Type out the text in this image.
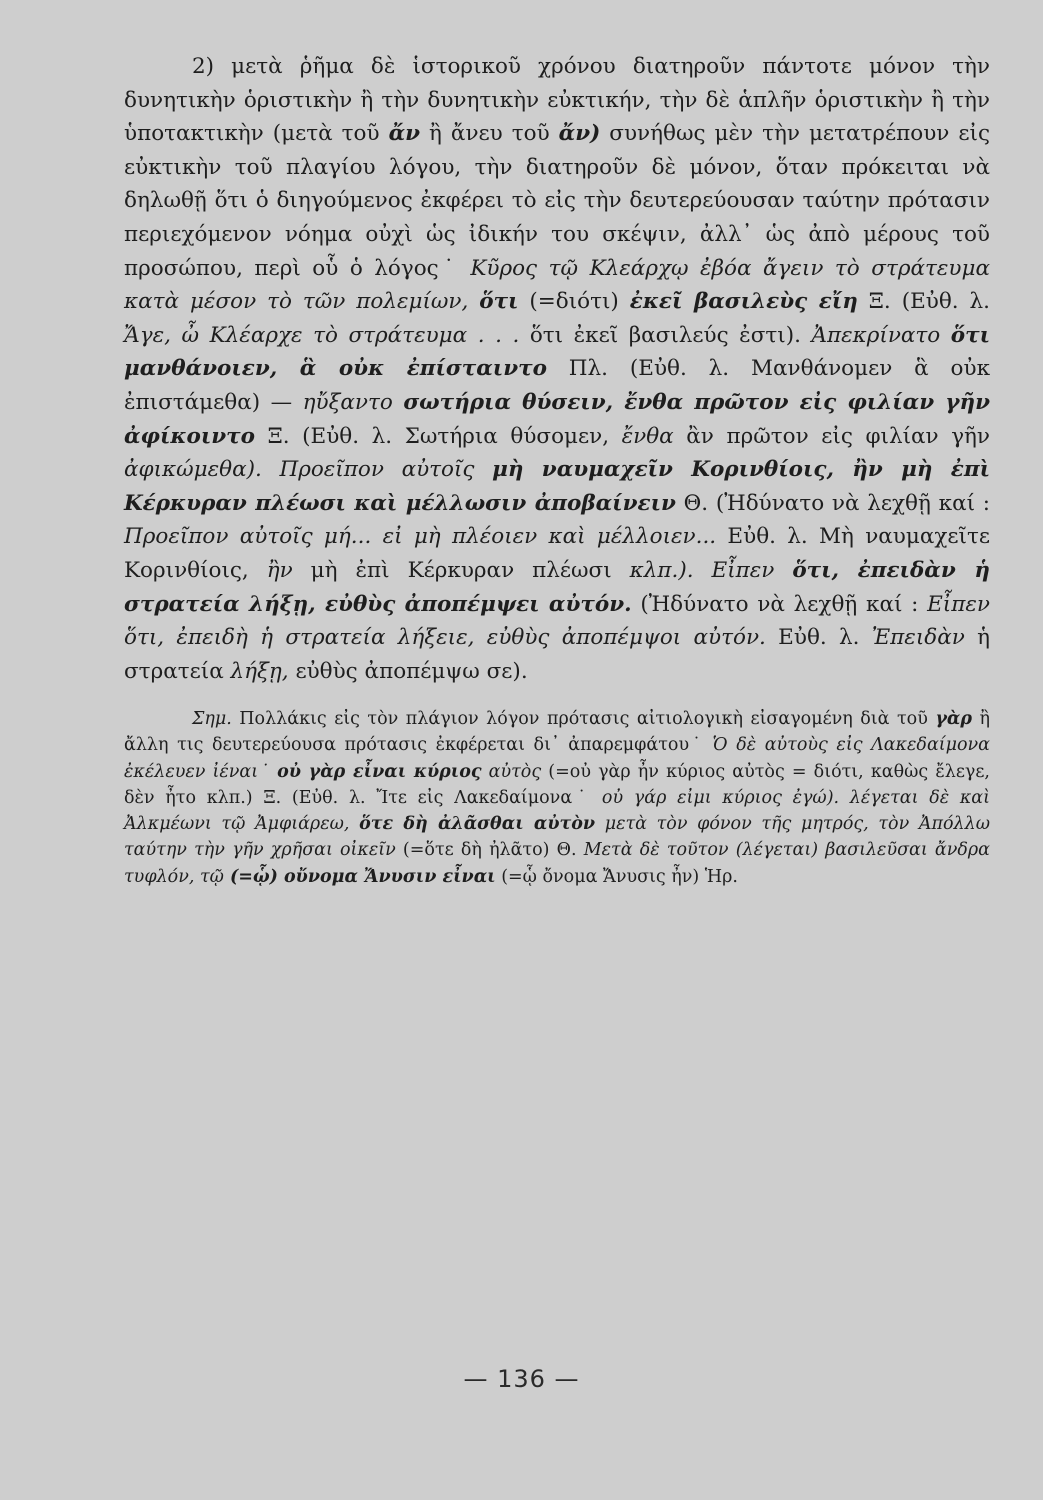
2) μετὰ ῥῆμα δὲ ἱστορικοῦ χρόνου διατηροῦν πάντοτε μόνον τὴν δυνητικὴν ὁριστικὴν ἢ τὴν δυνητικὴν εὐκτικήν, τὴν δὲ ἁπλῆν ὁριστικὴν ἢ τὴν ὑποτακτικὴν (μετὰ τοῦ ἄν ἢ ἄνευ τοῦ ἄν) συνήθως μὲν τὴν μετατρέπουν εἰς εὐκτικὴν τοῦ πλαγίου λόγου, τὴν διατηροῦν δὲ μόνον, ὅταν πρόκειται νὰ δηλωθῇ ὅτι ὁ διηγούμενος ἐκφέρει τὸ εἰς τὴν δευτερεύουσαν ταύτην πρότασιν περιεχόμενον νόημα οὐχὶ ὡς ἰδικήν του σκέψιν, ἀλλ᾽ ὡς ἀπὸ μέρους τοῦ προσώπου, περὶ οὗ ὁ λόγος˙ Κῦρος τῷ Κλεάρχῳ ἐβόα ἄγειν τὸ στράτευμα κατὰ μέσον τὸ τῶν πολεμίων, ὅτι (=διότι) ἐκεῖ βασιλεὺς εἴη Ξ. (Εὐθ. λ. Ἄγε, ὦ Κλέαρχε τὸ στράτευμα . . . ὅτι ἐκεῖ βασιλεύς ἐστι). Ἀπεκρίνατο ὅτι μανθάνοιεν, ἃ οὐκ ἐπίσταιντο Πλ. (Εὐθ. λ. Μανθάνομεν ἃ οὐκ ἐπιστάμεθα) — ηὔξαντο σωτήρια θύσειν, ἔνθα πρῶτον εἰς φιλίαν γῆν ἀφίκοιντο Ξ. (Εὐθ. λ. Σωτήρια θύσομεν, ἔνθα ἂν πρῶτον εἰς φιλίαν γῆν ἀφικώμεθα). Προεῖπον αὐτοῖς μὴ ναυμαχεῖν Κορινθίοις, ἢν μὴ ἐπὶ Κέρκυραν πλέωσι καὶ μέλλωσιν ἀποβαίνειν Θ. (Ἠδύνατο νὰ λεχθῇ καί : Προεῖπον αὐτοῖς μή... εἰ μὴ πλέοιεν καὶ μέλλοιεν... Εὐθ. λ. Μὴ ναυμαχεῖτε Κορινθίοις, ἢν μὴ ἐπὶ Κέρκυραν πλέωσι κλπ.). Εἶπεν ὅτι, ἐπειδὰν ἡ στρατεία λήξῃ, εὐθὺς ἀποπέμψει αὐτόν. (Ἠδύνατο νὰ λεχθῇ καί : Εἶπεν ὅτι, ἐπειδὴ ἡ στρατεία λήξειε, εὐθὺς ἀποπέμψοι αὐτόν. Εὐθ. λ. Ἐπειδὰν ἡ στρατεία λήξῃ, εὐθὺς ἀποπέμψω σε).

Σημ. Πολλάκις εἰς τὸν πλάγιον λόγον πρότασις αἰτιολογικὴ εἰσαγομένη διὰ τοῦ γὰρ ἢ ἄλλη τις δευτερεύουσα πρότασις ἐκφέρεται δι᾽ ἀπαρεμφάτου˙ Ὁ δὲ αὐτοὺς εἰς Λακεδαίμονα ἐκέλευεν ἰέναι˙ οὐ γὰρ εἶναι κύριος αὐτὸς (=οὐ γὰρ ἦν κύριος αὐτὸς = διότι, καθὼς ἔλεγε, δὲν ἦτο κλπ.) Ξ. (Εὐθ. λ. Ἴτε εἰς Λακεδαίμονα˙ οὐ γάρ εἰμι κύριος ἐγώ). λέγεται δὲ καὶ Ἀλκμέωνι τῷ Ἀμφιάρεω, ὅτε δὴ ἀλᾶσθαι αὐτὸν μετὰ τὸν φόνον τῆς μητρός, τὸν Ἀπόλλω ταύτην τὴν γῆν χρῆσαι οἰκεῖν (=ὅτε δὴ ἠλᾶτο) Θ. Μετὰ δὲ τοῦτον (λέγεται) βασιλεῦσαι ἄνδρα τυφλόν, τῷ (=ᾧ) οὔνομα Ἄνυσιν εἶναι (=ᾧ ὄνομα Ἄνυσις ἦν) Ἡρ.

— 136 —
